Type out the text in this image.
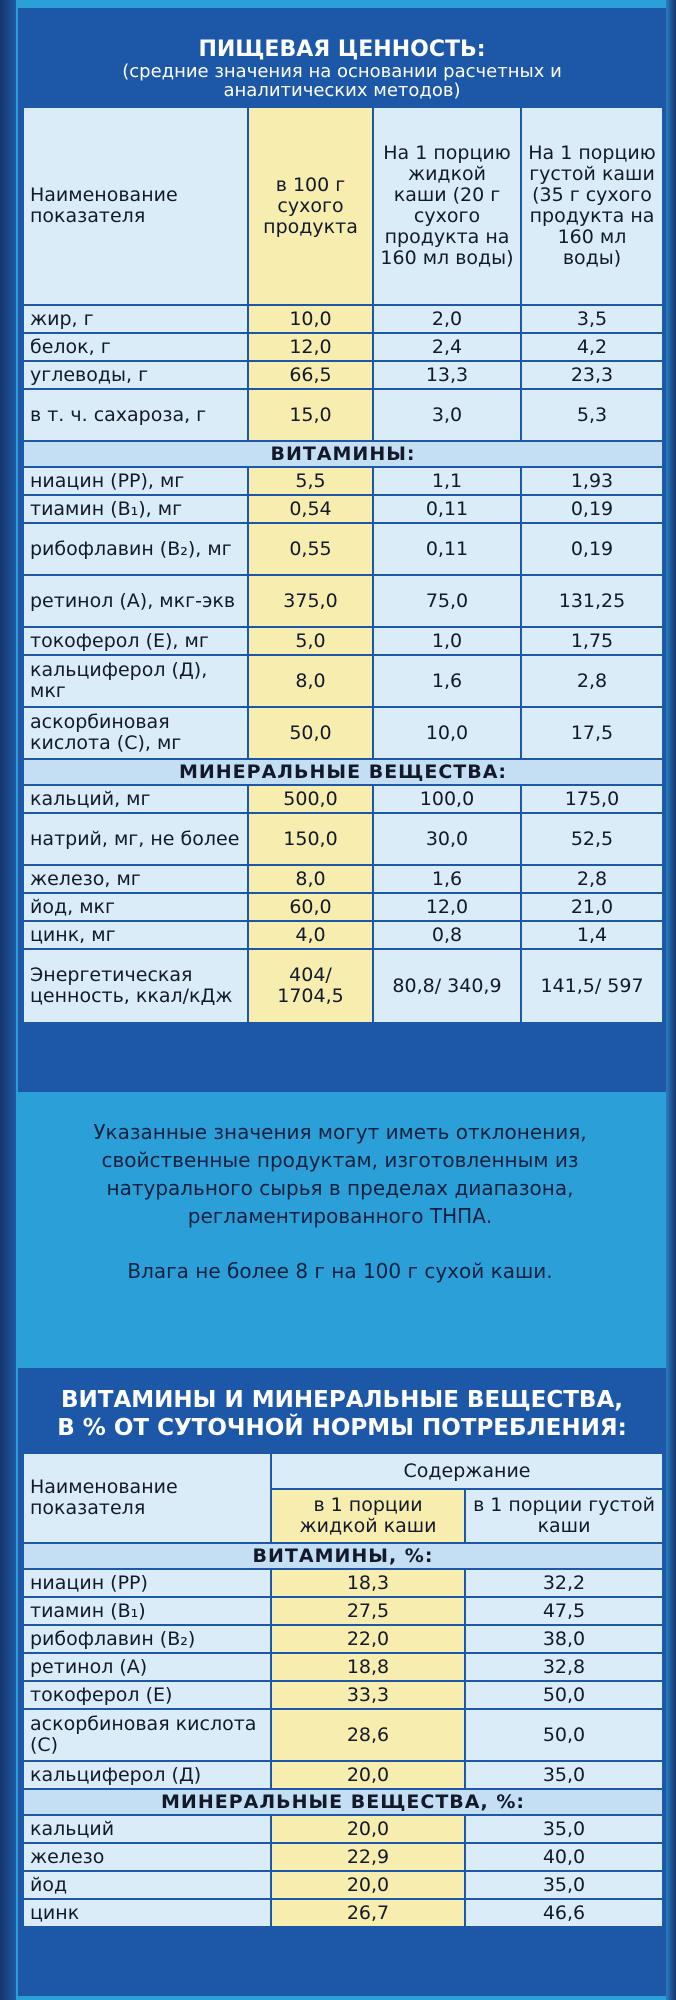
ПИЩЕВАЯ ЦЕННОСТЬ:
(средние значения на основании расчетных и
аналитических методов)
Наименование показателя	в 100 г сухого продукта	На 1 порцию жидкой каши (20 г сухого продукта на 160 мл воды)	На 1 порцию густой каши (35 г сухого продукта на 160 мл воды)
жир, г	10,0	2,0	3,5
белок, г	12,0	2,4	4,2
углеводы, г	66,5	13,3	23,3
в т. ч. сахароза, г	15,0	3,0	5,3
ВИТАМИНЫ:			
ниацин (РР), мг	5,5	1,1	1,93
тиамин (В₁), мг	0,54	0,11	0,19
рибофлавин (В₂), мг	0,55	0,11	0,19
ретинол (А), мкг-экв	375,0	75,0	131,25
токоферол (Е), мг	5,0	1,0	1,75
кальциферол (Д), мкг	8,0	1,6	2,8
аскорбиновая кислота (С), мг	50,0	10,0	17,5
МИНЕРАЛЬНЫЕ ВЕЩЕСТВА:			
кальций, мг	500,0	100,0	175,0
натрий, мг, не более	150,0	30,0	52,5
железо, мг	8,0	1,6	2,8
йод, мкг	60,0	12,0	21,0
цинк, мг	4,0	0,8	1,4
Энергетическая ценность, ккал/кДж	404/ 1704,5	80,8/ 340,9	141,5/ 597
Указанные значения могут иметь отклонения, свойственные продуктам, изготовленным из натурального сырья в пределах диапазона, регламентированного ТНПА.
Влага не более 8 г на 100 г сухой каши.
ВИТАМИНЫ И МИНЕРАЛЬНЫЕ ВЕЩЕСТВА,
В % ОТ СУТОЧНОЙ НОРМЫ ПОТРЕБЛЕНИЯ:
Наименование показателя	Содержание	
	в 1 порции жидкой каши	в 1 порции густой каши
ВИТАМИНЫ, %:		
ниацин (РР)	18,3	32,2
тиамин (В₁)	27,5	47,5
рибофлавин (В₂)	22,0	38,0
ретинол (А)	18,8	32,8
токоферол (Е)	33,3	50,0
аскорбиновая кислота (С)	28,6	50,0
кальциферол (Д)	20,0	35,0
МИНЕРАЛЬНЫЕ ВЕЩЕСТВА, %:		
кальций	20,0	35,0
железо	22,9	40,0
йод	20,0	35,0
цинк	26,7	46,6
